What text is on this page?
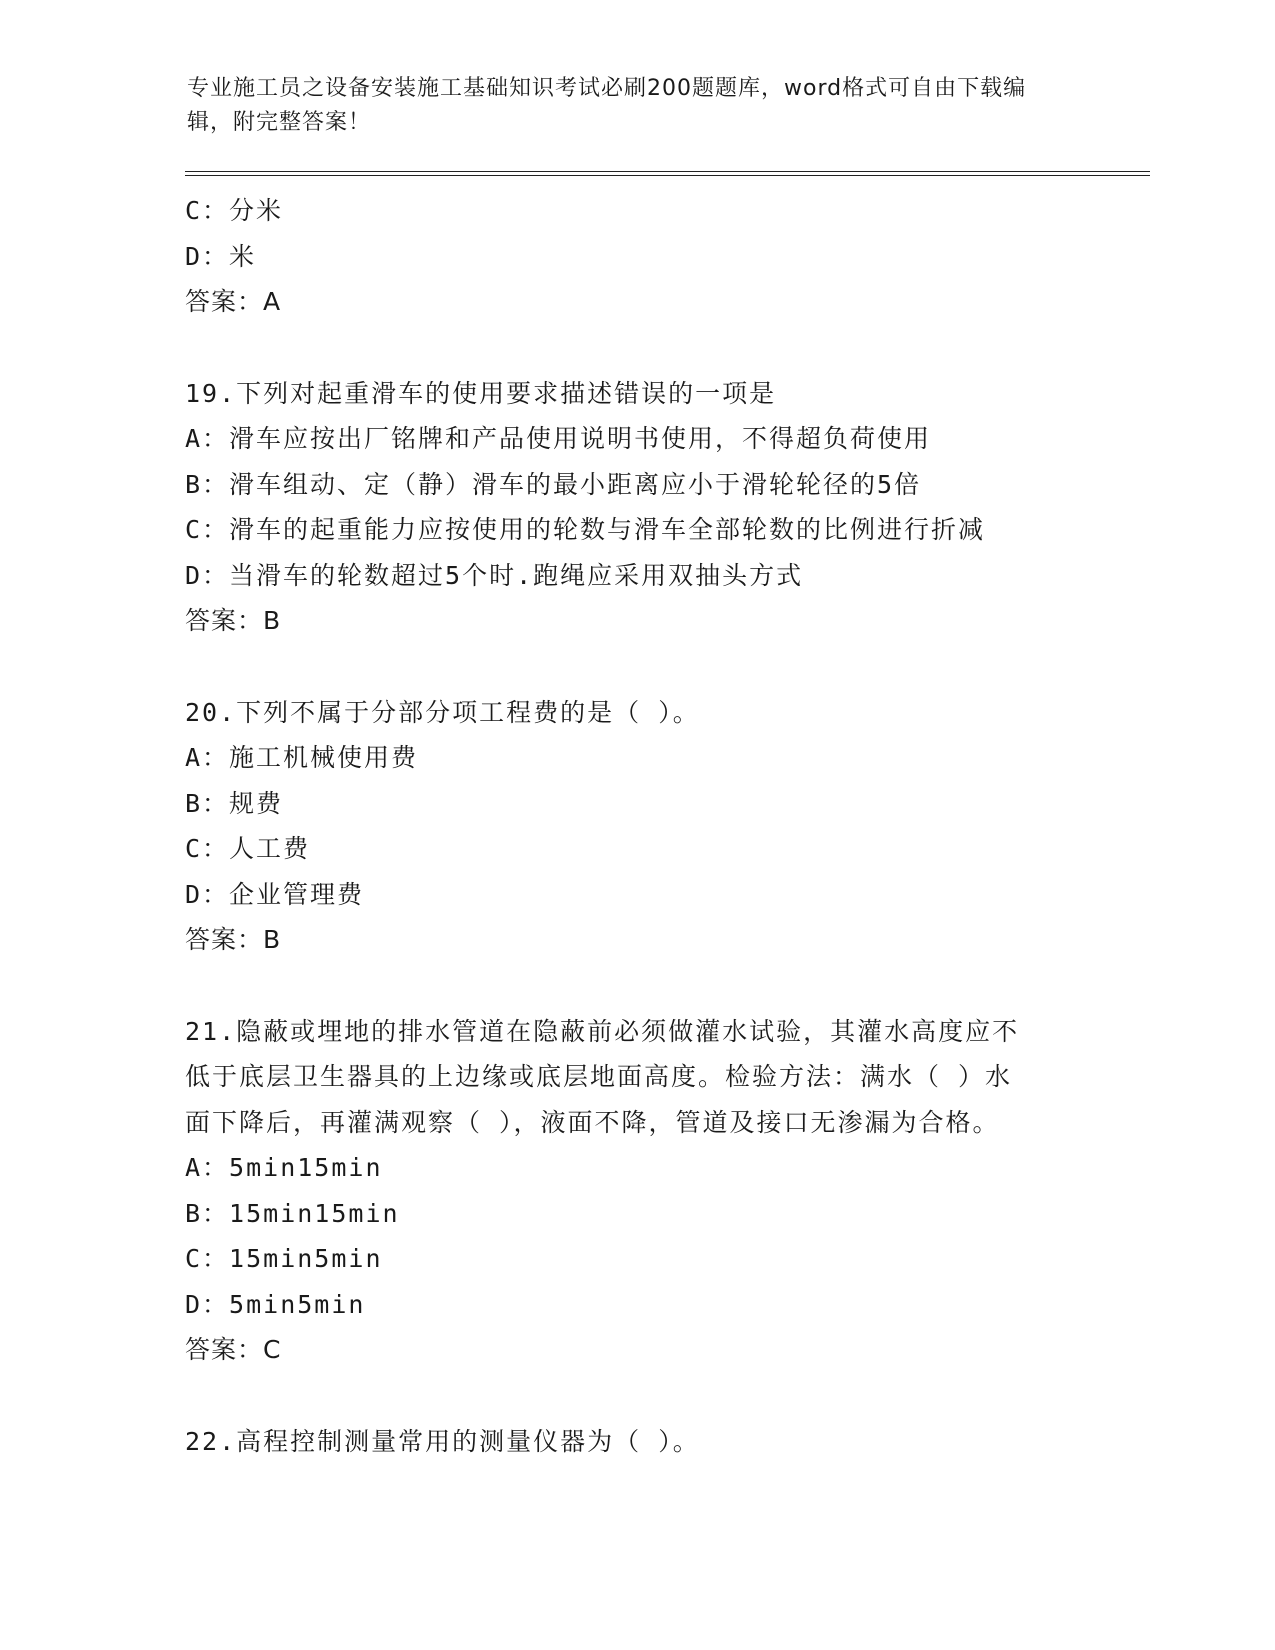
专业施工员之设备安装施工基础知识考试必刷200题题库，word格式可自由下载编辑，附完整答案！
C：分米
D：米
答案：A
19.下列对起重滑车的使用要求描述错误的一项是
A：滑车应按出厂铭牌和产品使用说明书使用，不得超负荷使用
B：滑车组动、定（静）滑车的最小距离应小于滑轮轮径的5倍
C：滑车的起重能力应按使用的轮数与滑车全部轮数的比例进行折减
D：当滑车的轮数超过5个时.跑绳应采用双抽头方式
答案：B
20.下列不属于分部分项工程费的是（ ）。
A：施工机械使用费
B：规费
C：人工费
D：企业管理费
答案：B
21.隐蔽或埋地的排水管道在隐蔽前必须做灌水试验，其灌水高度应不
低于底层卫生器具的上边缘或底层地面高度。检验方法：满水（ ）水
面下降后，再灌满观察（ ），液面不降，管道及接口无渗漏为合格。
A：5min15min
B：15min15min
C：15min5min
D：5min5min
答案：C
22.高程控制测量常用的测量仪器为（ ）。
